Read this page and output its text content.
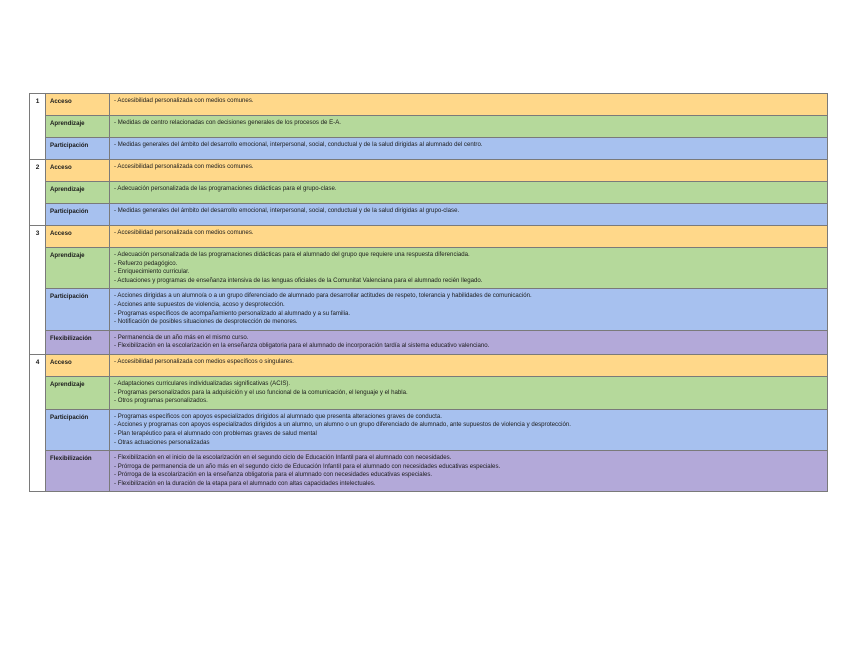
1	Acceso	- Accesibilidad personalizada con medios comunes.

	Aprendizaje	- Medidas de centro relacionadas con decisiones generales de los procesos de E-A.

	Participación	- Medidas generales del ámbito del desarrollo emocional, interpersonal, social, conductual y de la salud dirigidas al alumnado del centro.

2	Acceso	- Accesibilidad personalizada con medios comunes.

	Aprendizaje	- Adecuación personalizada de las programaciones didácticas para el grupo-clase.

	Participación	- Medidas generales del ámbito del desarrollo emocional, interpersonal, social, conductual y de la salud dirigidas al grupo-clase.

3	Acceso	- Accesibilidad personalizada con medios comunes.

	Aprendizaje	- Adecuación personalizada de las programaciones didácticas para el alumnado del grupo que requiere una respuesta diferenciada.
- Refuerzo pedagógico.
- Enriquecimiento curricular.
- Actuaciones y programas de enseñanza intensiva de las lenguas oficiales de la Comunitat Valenciana para el alumnado recién llegado.

	Participación	- Acciones dirigidas a un alumno/a o a un grupo diferenciado de alumnado para desarrollar actitudes de respeto, tolerancia y habilidades de comunicación.
- Acciones ante supuestos de violencia, acoso y desprotección.
- Programas específicos de acompañamiento personalizado al alumnado y a su familia.
- Notificación de posibles situaciones de desprotección de menores.

	Flexibilización	- Permanencia de un año más en el mismo curso.
- Flexibilización en la escolarización en la enseñanza obligatoria para el alumnado de incorporación tardía al sistema educativo valenciano.

4	Acceso	- Accesibilidad personalizada con medios específicos o singulares.

	Aprendizaje	- Adaptaciones curriculares individualizadas significativas (ACIS).
- Programas personalizados para la adquisición y el uso funcional de la comunicación, el lenguaje y el habla.
- Otros programas personalizados.

	Participación	- Programas específicos con apoyos especializados dirigidos al alumnado que presenta alteraciones graves de conducta.
- Acciones y programas con apoyos especializados dirigidos a un alumno, un alumno o un grupo diferenciado de alumnado, ante supuestos de violencia y desprotección.
- Plan terapéutico para el alumnado con problemas graves de salud mental
- Otras actuaciones personalizadas

	Flexibilización	- Flexibilización en el inicio de la escolarización en el segundo ciclo de Educación Infantil para el alumnado con necesidades.
- Prórroga de permanencia de un año más en el segundo ciclo de Educación Infantil para el alumnado con necesidades educativas especiales.
- Prórroga de la escolarización en la enseñanza obligatoria para el alumnado con necesidades educativas especiales.
- Flexibilización en la duración de la etapa para el alumnado con altas capacidades intelectuales.
